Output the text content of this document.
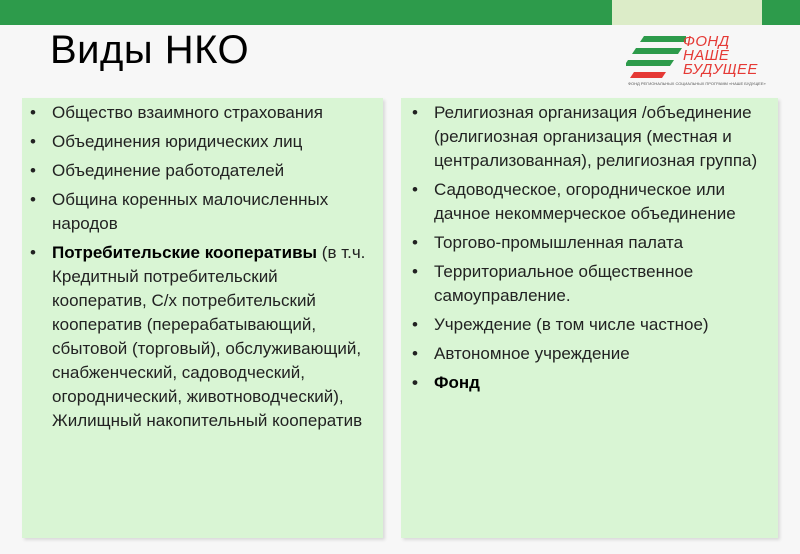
Виды НКО	ФОНД
НАШЕ
БУДУЩЕЕ
ФОНД РЕГИОНАЛЬНЫХ СОЦИАЛЬНЫХ ПРОГРАММ «НАШЕ БУДУЩЕЕ»
• Общество взаимного страхования
• Объединения юридических лиц
• Объединение работодателей
• Община коренных малочисленных народов
• Потребительские кооперативы (в т.ч. Кредитный потребительский кооператив, С/х потребительский кооператив (перерабатывающий, сбытовой (торговый), обслуживающий, снабженческий, садоводческий, огороднический, животноводческий), Жилищный накопительный кооператив
• Религиозная организация /объединение (религиозная организация (местная и централизованная), религиозная группа)
• Садоводческое, огородническое или дачное некоммерческое объединение
• Торгово-промышленная палата
• Территориальное общественное самоуправление.
• Учреждение (в том числе частное)
• Автономное учреждение
• Фонд
